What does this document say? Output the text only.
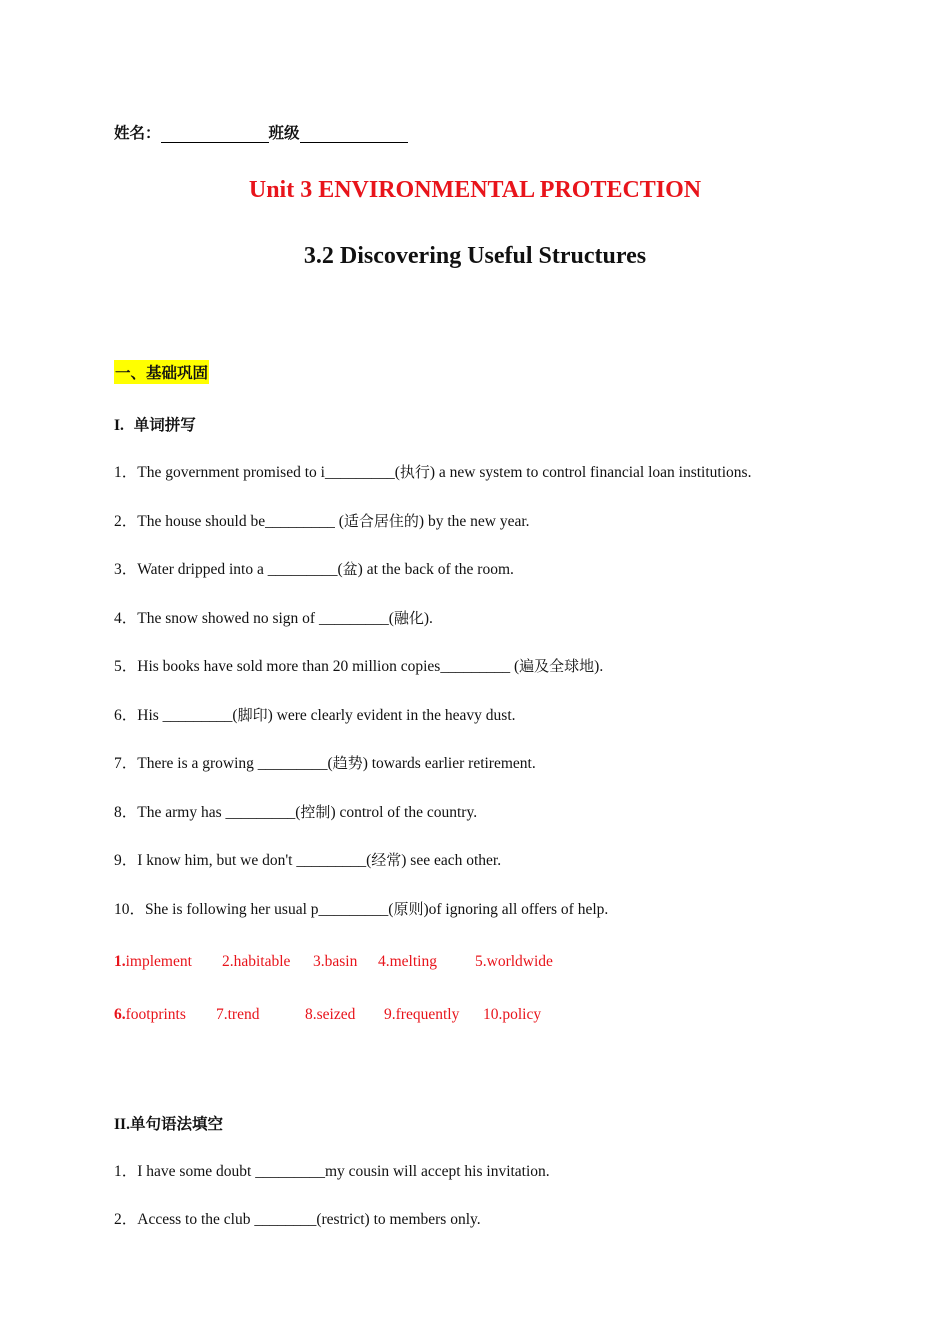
姓名：	班级
Unit 3 ENVIRONMENTAL PROTECTION
3.2 Discovering Useful Structures
一、基础巩固
I. 单词拼写
1．The government promised to i_________(执行) a new system to control financial loan institutions.
2．The house should be_________ (适合居住的) by the new year.
3．Water dripped into a _________(盆) at the back of the room.
4．The snow showed no sign of _________(融化).
5．His books have sold more than 20 million copies_________ (遍及全球地).
6．His _________(脚印) were clearly evident in the heavy dust.
7．There is a growing _________(趋势) towards earlier retirement.
8．The army has _________(控制) control of the country.
9．I know him, but we don't _________(经常) see each other.
10．She is following her usual p_________(原则)of ignoring all offers of help.
1.implement 2.habitable 3.basin 4.melting 5.worldwide
6.footprints 7.trend	8.seized 9.frequently 10.policy
II.单句语法填空
1．I have some doubt _________my cousin will accept his invitation.
2．Access to the club ________(restrict) to members only.
